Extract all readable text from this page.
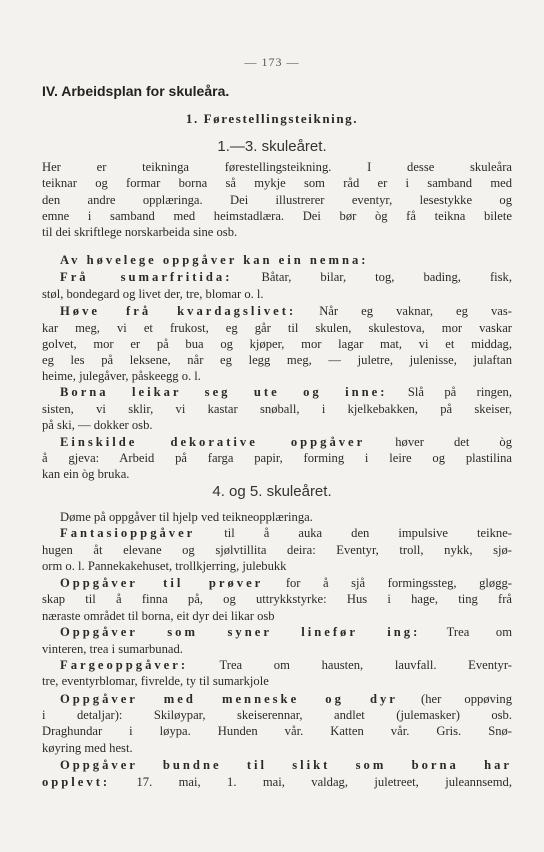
— 173 —
IV. Arbeidsplan for skuleåra.
1. Førestellingsteikning.
1.—3. skuleåret.
Her er teikninga førestellingsteikning. I desse skuleåra
teiknar og formar borna så mykje som råd er i samband med
den andre opplæringa. Dei illustrerer eventyr, lesestykke og
emne i samband med heimstadlæra. Dei bør òg få teikna bilete
til dei skriftlege norskarbeida sine osb.
Av høvelege oppgåver kan ein nemna:
Frå sumarfritida: Båtar, bilar, tog, bading, fisk,
støl, bondegard og livet der, tre, blomar o. l.
Høve frå kvardagslivet: Når eg vaknar, eg vas-
kar meg, vi et frukost, eg går til skulen, skulestova, mor vaskar
golvet, mor er på bua og kjøper, mor lagar mat, vi et middag,
eg les på leksene, når eg legg meg, — juletre, julenisse, julaftan
heime, julegåver, påskeegg o. l.
Borna leikar seg ute og inne: Slå på ringen,
sisten, vi sklir, vi kastar snøball, i kjelkebakken, på skeiser,
på ski, — dokker osb.
Einskilde dekorative oppgåver høver det òg
å gjeva: Arbeid på farga papir, forming i leire og plastilina
kan ein òg bruka.
Døme på oppgåver til hjelp ved teikneopplæringa.
Fantasioppgåver til å auka den impulsive teikne-
hugen åt elevane og sjølvtillita deira: Eventyr, troll, nykk, sjø-
orm o. l. Pannekakehuset, trollkjerring, julebukk
Oppgåver til prøver for å sjå formingssteg, gløgg-
skap til å finna på, og uttrykkstyrke: Hus i hage, ting frå
næraste området til borna, eit dyr dei likar osb
Oppgåver som syner linefør ing: Trea om
vinteren, trea i sumarbunad.
Fargeoppgåver: Trea om hausten, lauvfall. Eventyr-
tre, eventyrblomar, fivrelde, ty til sumarkjole
Oppgåver med menneske og dyr (her oppøving
i detaljar): Skiløypar, skeiserennar, andlet (julemasker) osb.
Draghundar i løypa. Hunden vår. Katten vår. Gris. Snø-
køyring med hest.
Oppgåver bundne til slikt som borna har
opplevt: 17. mai, 1. mai, valdag, juletreet, juleannsemd,
4. og 5. skuleåret.
